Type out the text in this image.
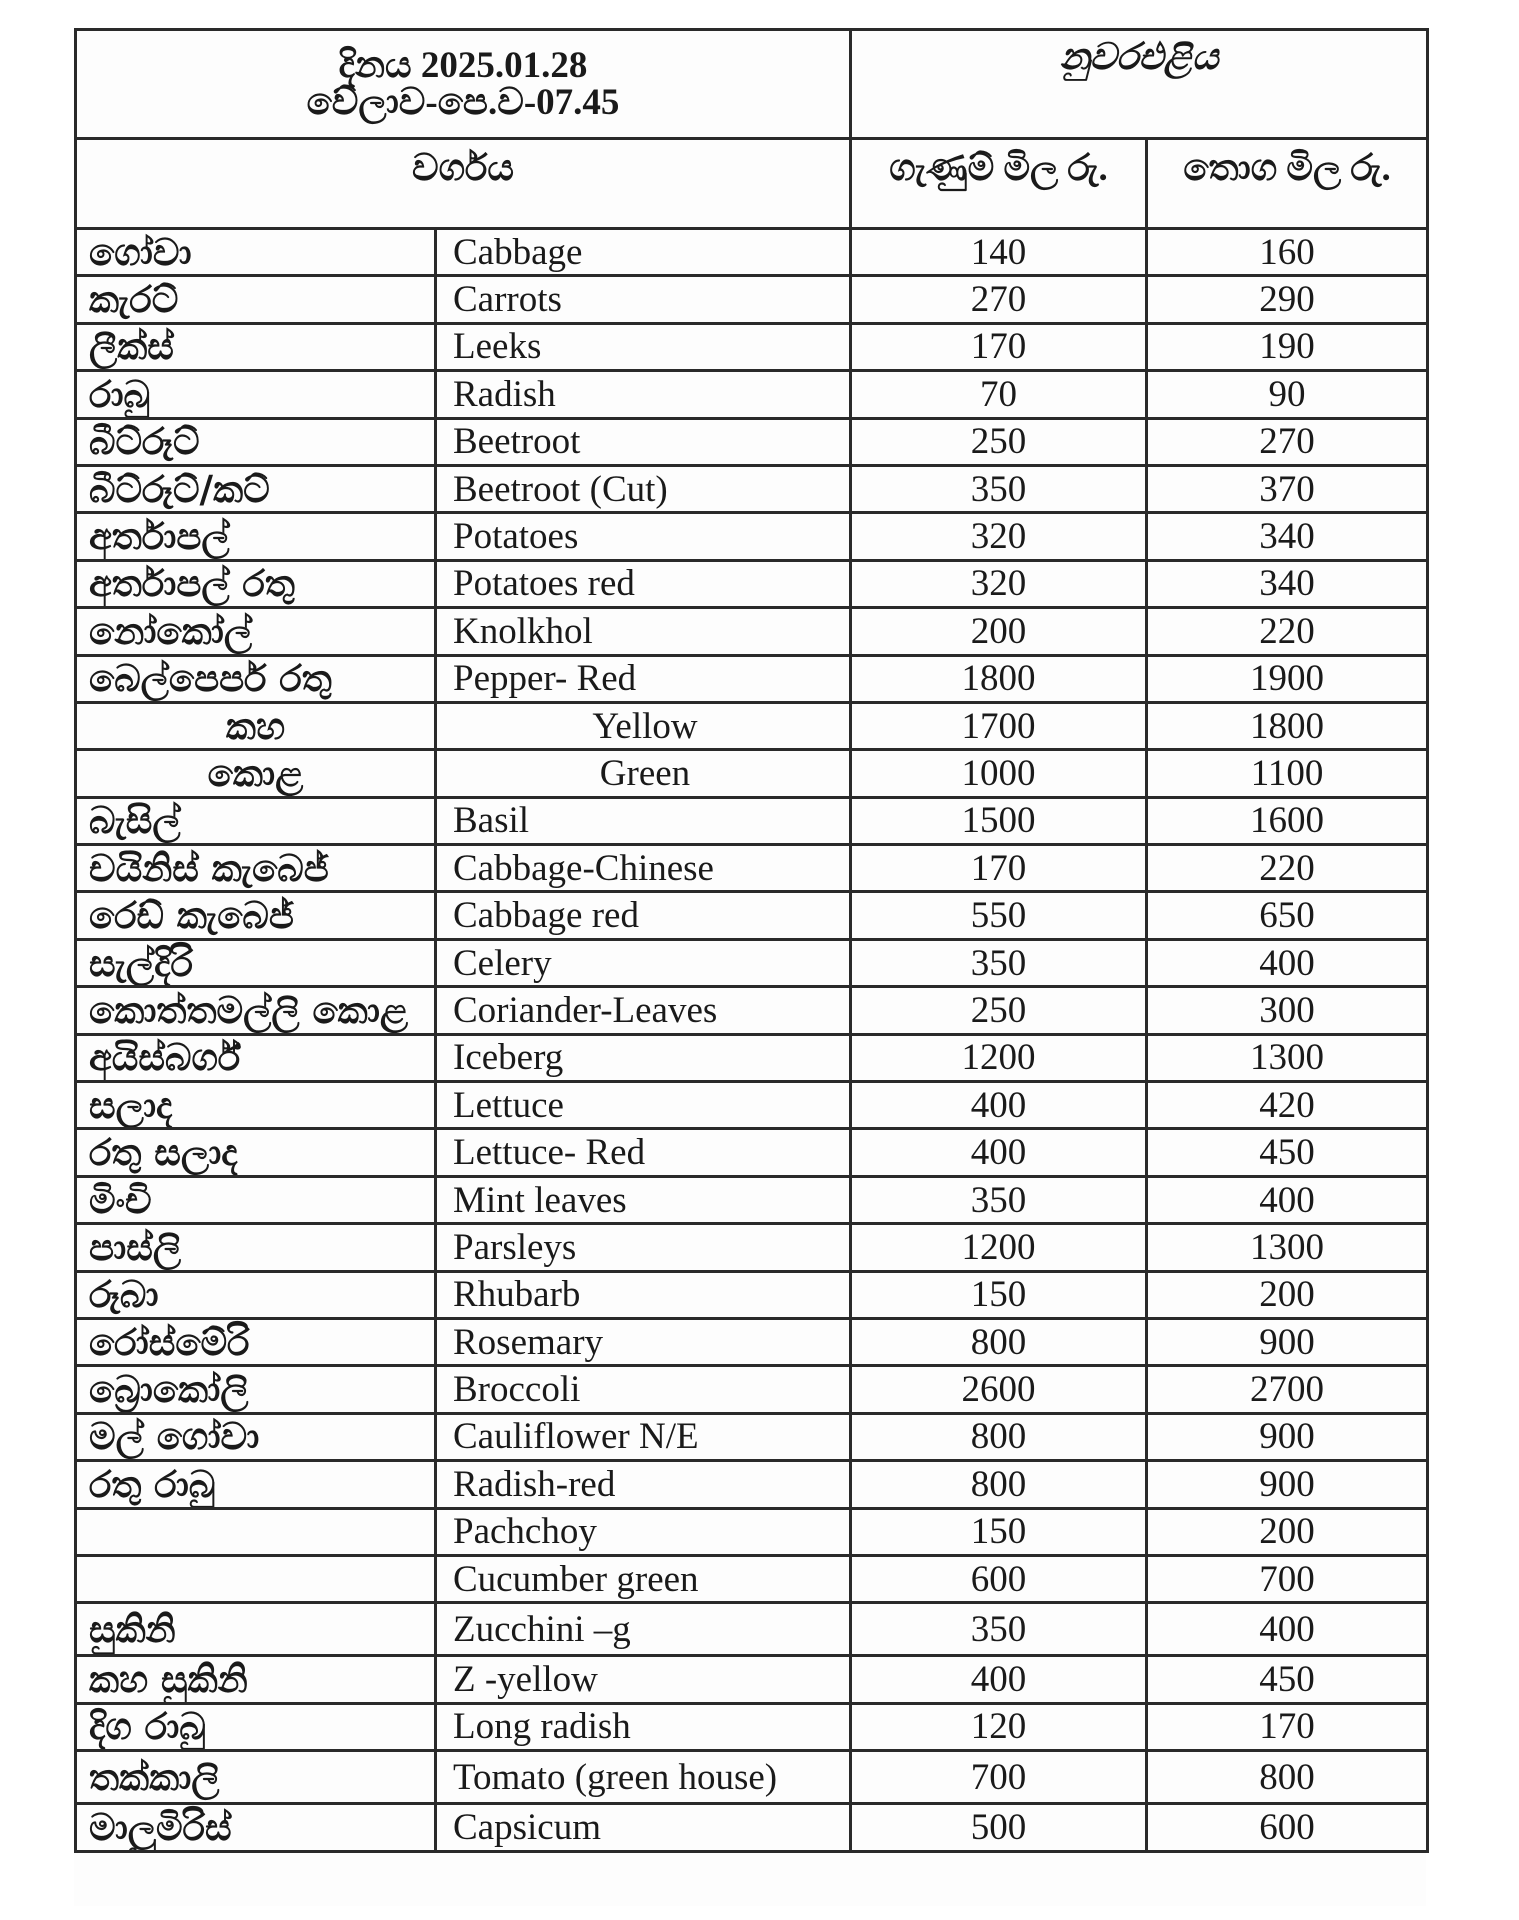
දිනය 2025.01.28
වේලාව-පෙ.ව-07.45		නුවරඑළිය	
වර්ගය		ගැණුම් මිල රු.	තොග මිල රු.
ගෝවා	Cabbage	140	160
කැරට්	Carrots	270	290
ලීක්ස්	Leeks	170	190
රාබු	Radish	70	90
බීට්රූට්	Beetroot	250	270
බීට්රූට්/කට්	Beetroot (Cut)	350	370
අර්තාපල්	Potatoes	320	340
අර්තාපල් රතු	Potatoes red	320	340
නෝකෝල්	Knolkhol	200	220
බෙල්පෙපර් රතු	Pepper- Red	1800	1900
කහ	Yellow	1700	1800
කොළ	Green	1000	1100
බැසිල්	Basil	1500	1600
චයිනිස් කැබෙජ්	Cabbage-Chinese	170	220
රෙඩ් කැබෙජ්	Cabbage red	550	650
සැල්දිරි	Celery	350	400
කොත්තමල්ලි කොළ	Coriander-Leaves	250	300
අයිස්බර්ග්	Iceberg	1200	1300
සලාද	Lettuce	400	420
රතු සලාද	Lettuce- Red	400	450
මිංචි	Mint leaves	350	400
පාස්ලි	Parsleys	1200	1300
රූබා	Rhubarb	150	200
රෝස්මේරි	Rosemary	800	900
බ්‍රොකෝලි	Broccoli	2600	2700
මල් ගෝවා	Cauliflower N/E	800	900
රතු රාබු	Radish-red	800	900
	Pachchoy	150	200
	Cucumber green	600	700
සුකිනි	Zucchini –g	350	400
කහ සුකිනි	Z -yellow	400	450
දිග රාබු	Long radish	120	170
තක්කාලි	Tomato (green house)	700	800
මාලුමිරිස්	Capsicum	500	600
